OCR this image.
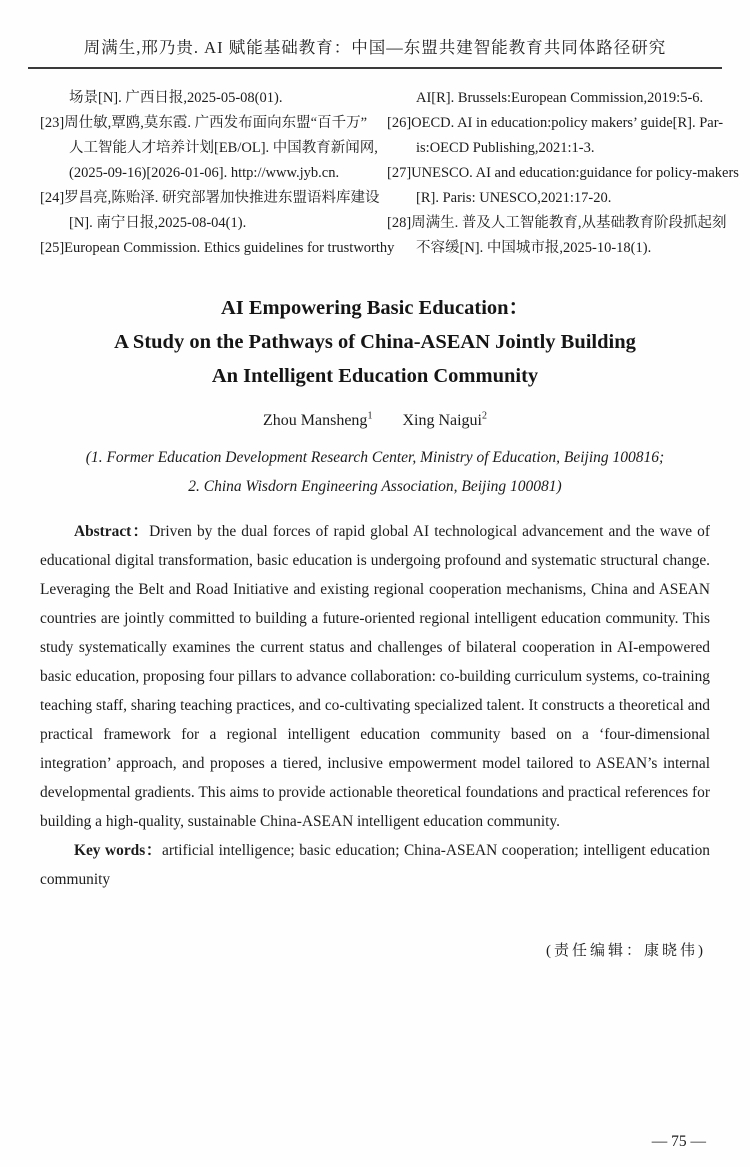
周满生,邢乃贵. AI 赋能基础教育：中国—东盟共建智能教育共同体路径研究
场景[N]. 广西日报,2025-05-08(01).
[23]周仕敏,覃鸥,莫东霞. 广西发布面向东盟“百千万”
人工智能人才培养计划[EB/OL]. 中国教育新闻网,
(2025-09-16)[2026-01-06]. http://www.jyb.cn.
[24]罗昌亮,陈贻泽. 研究部署加快推进东盟语料库建设
[N]. 南宁日报,2025-08-04(1).
[25]European Commission. Ethics guidelines for trustworthy
AI[R]. Brussels:European Commission,2019:5-6.
[26]OECD. AI in education:policy makers’ guide[R]. Par-
is:OECD Publishing,2021:1-3.
[27]UNESCO. AI and education:guidance for policy-makers
[R]. Paris: UNESCO,2021:17-20.
[28]周满生. 普及人工智能教育,从基础教育阶段抓起刻
不容缓[N]. 中国城市报,2025-10-18(1).
AI Empowering Basic Education：
A Study on the Pathways of China-ASEAN Jointly Building
An Intelligent Education Community
Zhou Mansheng$^1$ Xing Naigui$^2$
(1. Former Education Development Research Center, Ministry of Education, Beijing 100816;
2. China Wisdorn Engineering Association, Beijing 100081)

Abstract：Driven by the dual forces of rapid global AI technological advancement and the wave of educational digital transformation, basic education is undergoing profound and systematic structural change. Leveraging the Belt and Road Initiative and existing regional cooperation mechanisms, China and ASEAN countries are jointly committed to building a future-oriented regional intelligent education community. This study systematically examines the current status and challenges of bilateral cooperation in AI-empowered basic education, proposing four pillars to advance collaboration: co-building curriculum systems, co-training teaching staff, sharing teaching practices, and co-cultivating specialized talent. It constructs a theoretical and practical framework for a regional intelligent education community based on a ‘four-dimensional integration’ approach, and proposes a tiered, inclusive empowerment model tailored to ASEAN’s internal developmental gradients. This aims to provide actionable theoretical foundations and practical references for building a high-quality, sustainable China-ASEAN intelligent education community.

Key words：artificial intelligence; basic education; China-ASEAN cooperation; intelligent education community

(责任编辑：康晓伟)
— 75 —
